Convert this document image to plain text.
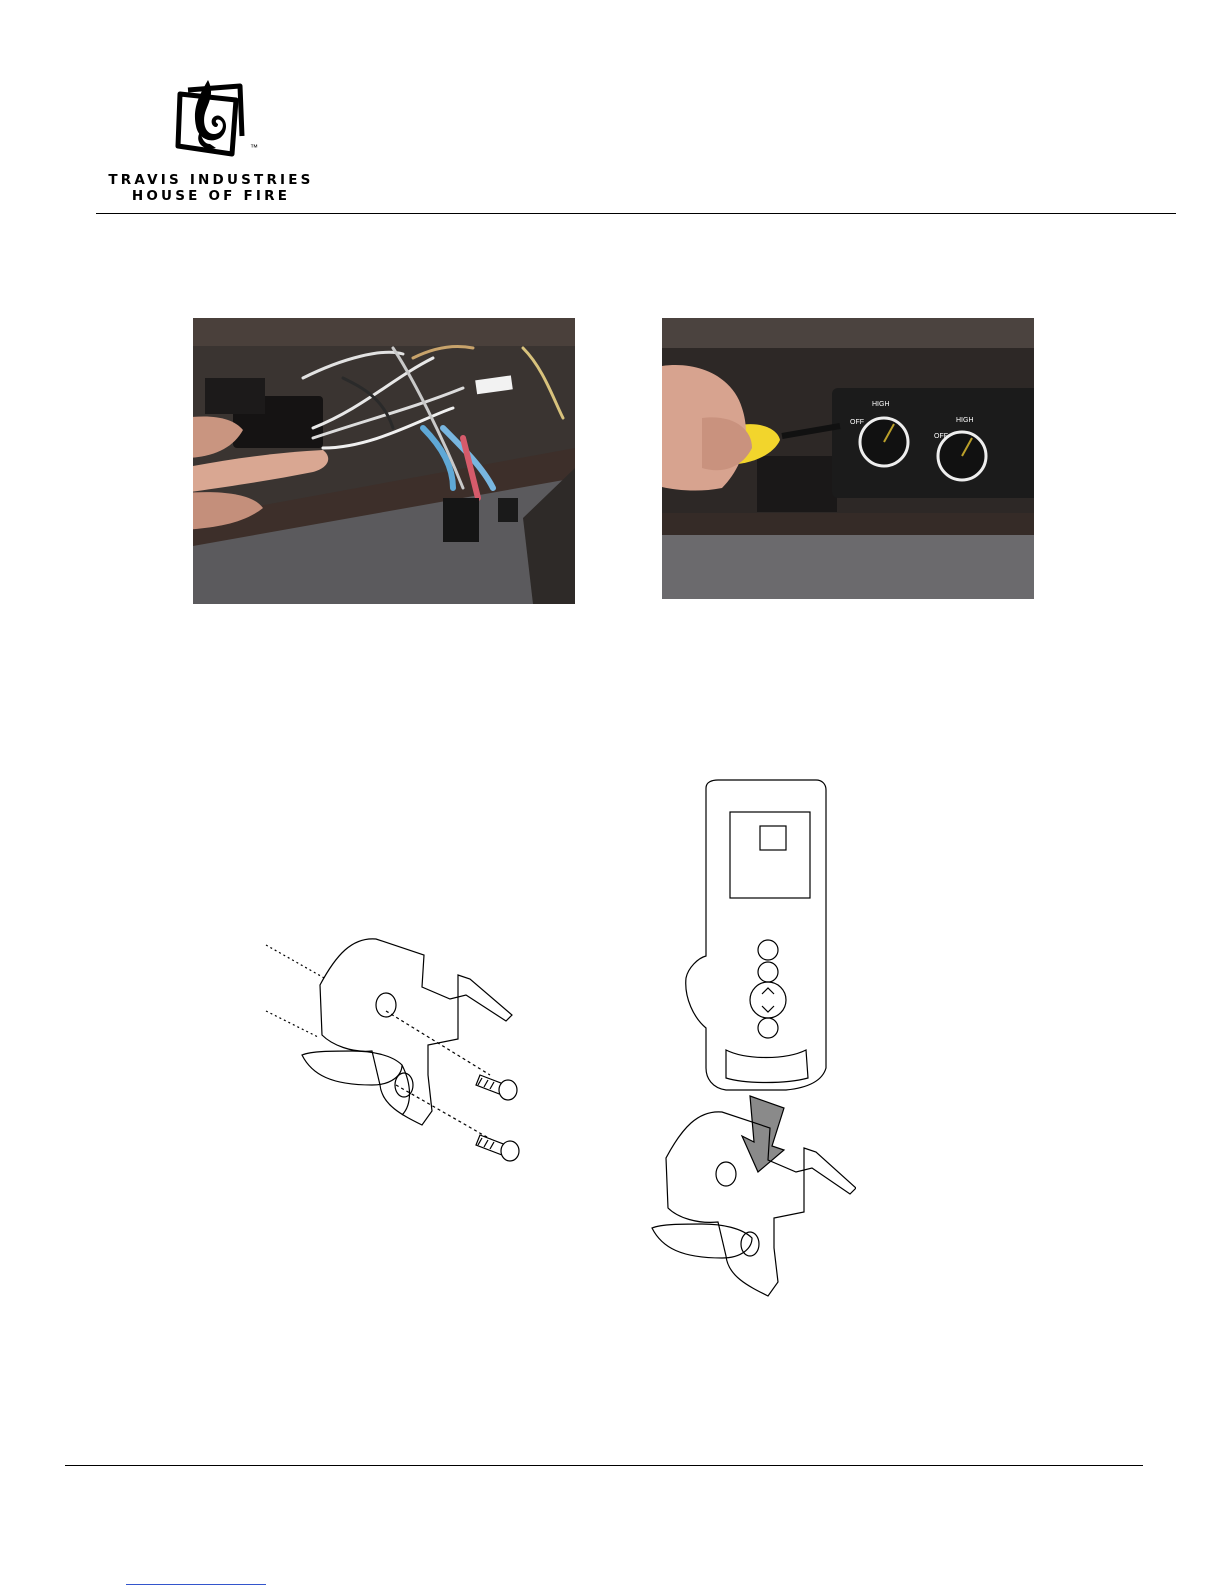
™
TRAVIS INDUSTRIES
HOUSE OF FIRE
OFF
HIGH
OFF
HIGH
